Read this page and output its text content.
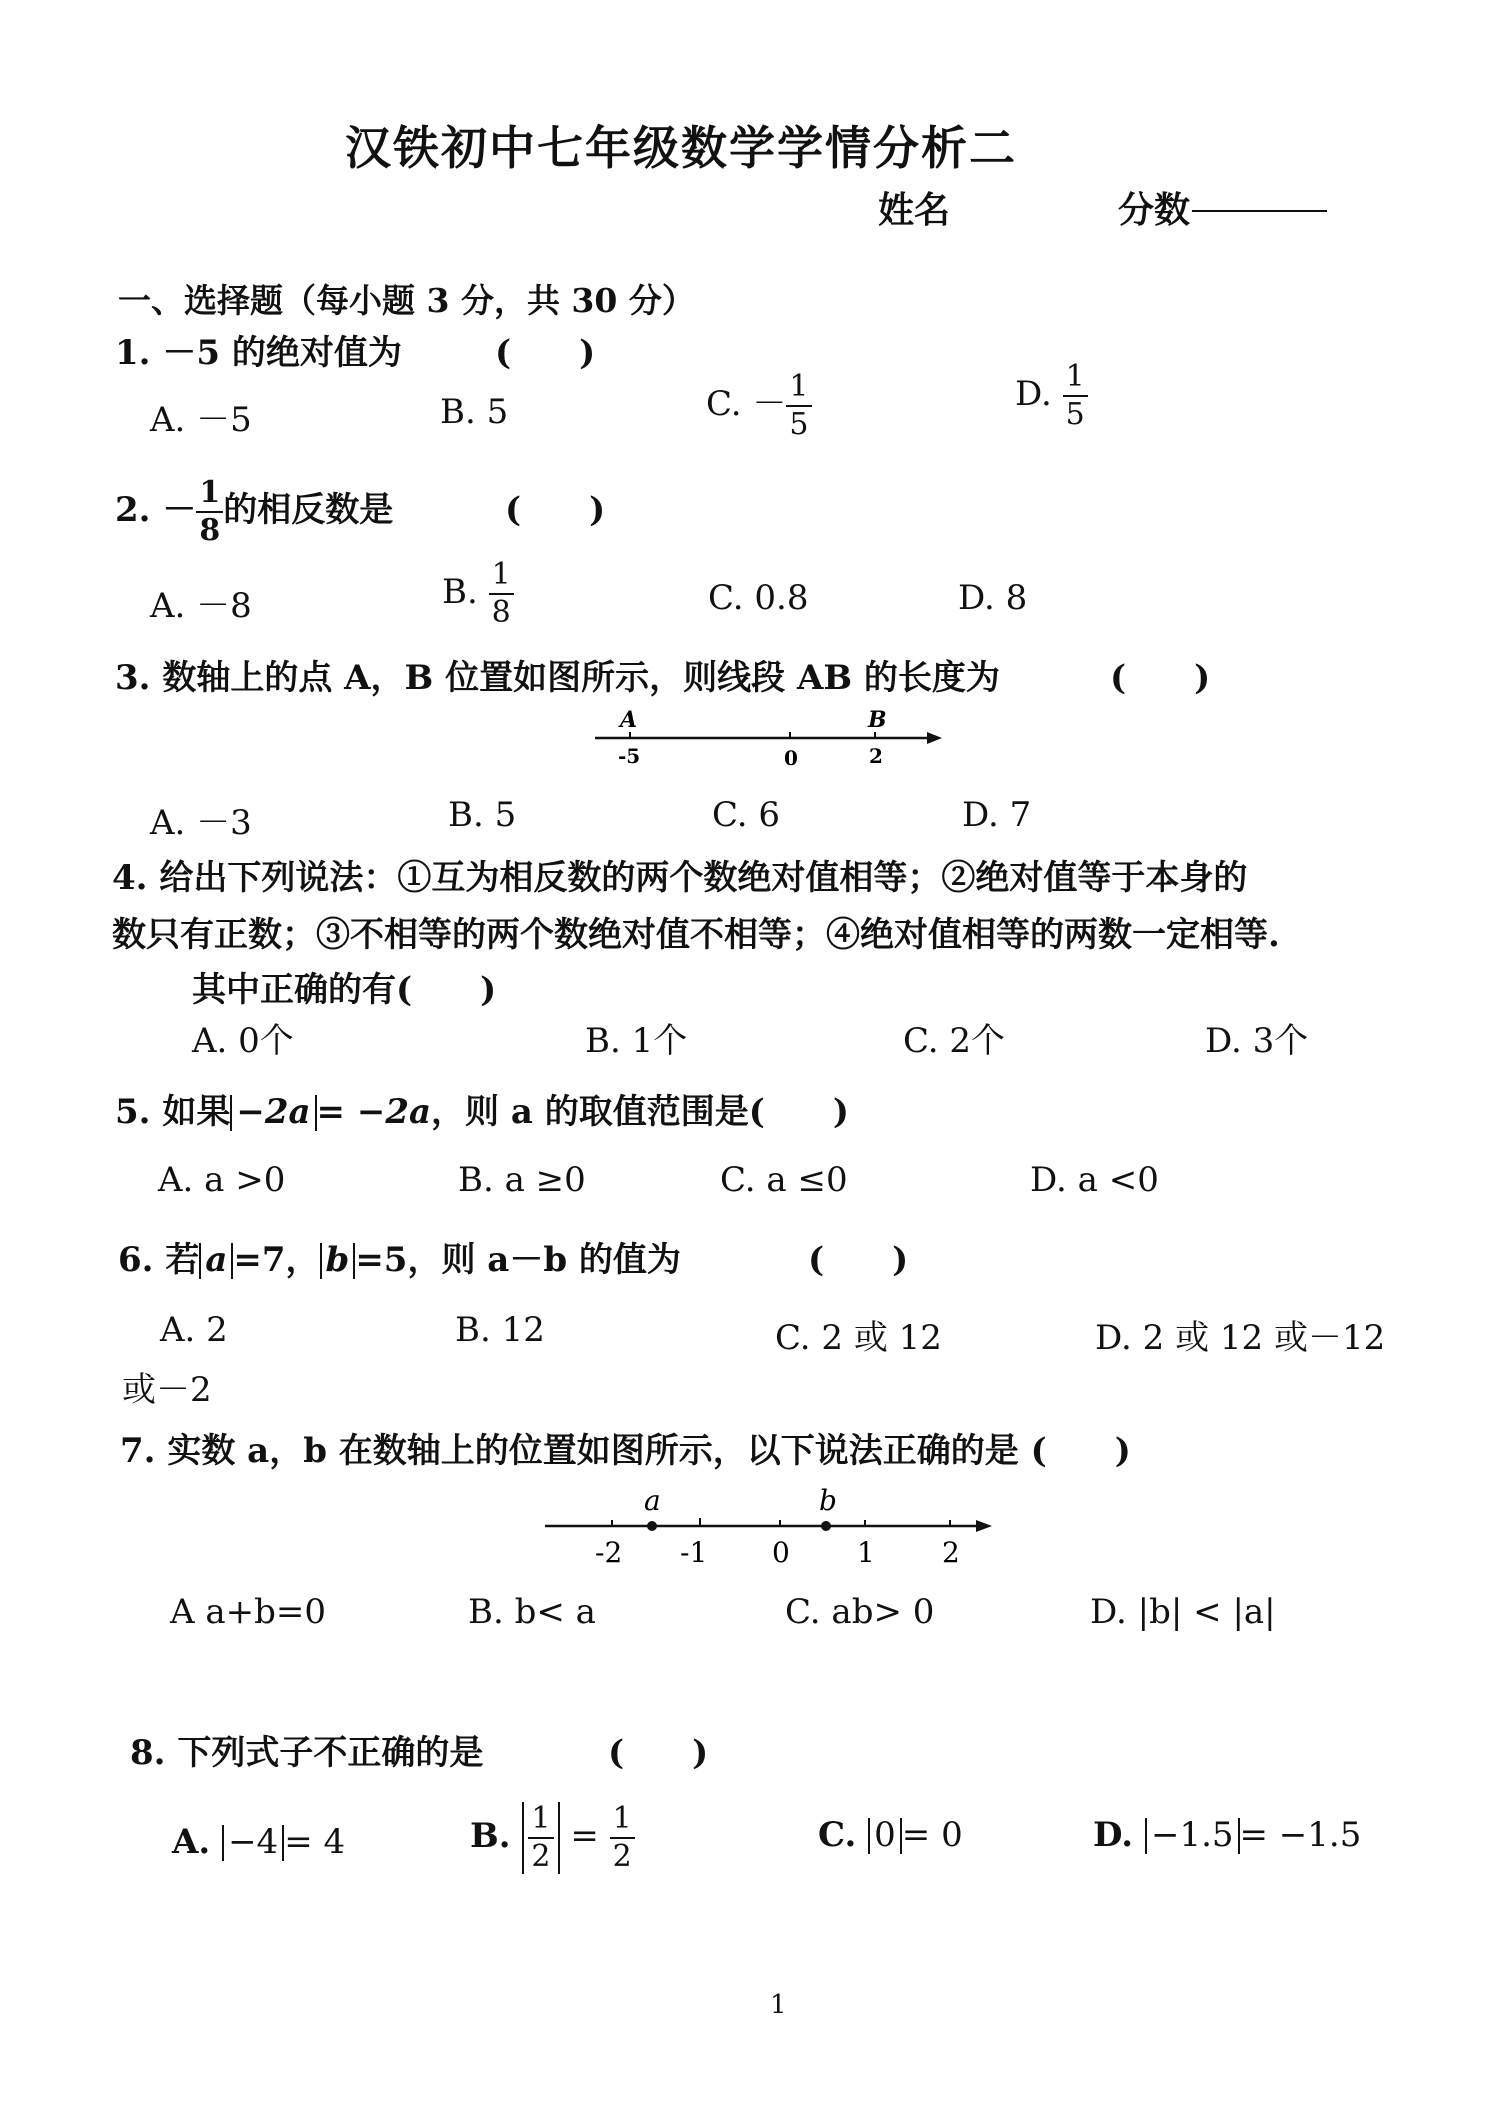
汉铁初中七年级数学学情分析二
姓名	分数
一、选择题（每小题 3 分，共 30 分）
1. －5 的绝对值为	(　　)
A. －5	B. 5	C. － $\frac{1}{5}$	D. $\frac{1}{5}$
2. － $\frac{1}{8}$ 的相反数是	(　　)
A. －8	B. $\frac{1}{8}$	C. 0.8	D. 8
3. 数轴上的点 A，B 位置如图所示，则线段 AB 的长度为	(　　)
A	B
-5	0	2
A. －3	B. 5	C. 6	D. 7
4. 给出下列说法：①互为相反数的两个数绝对值相等；②绝对值等于本身的
数只有正数；③不相等的两个数绝对值不相等；④绝对值相等的两数一定相等.
其中正确的有(　　)
A. 0个	B. 1个	C. 2个	D. 3个
5. 如果 −2a = −2a，则 a 的取值范围是(　　)
A. a >0	B. a ≥0	C. a ≤0	D. a <0
6. 若 a =7， b =5，则 a－b 的值为	(　　)
A. 2	B. 12	C. 2 或 12	D. 2 或 12 或－12
或－2
7. 实数 a，b 在数轴上的位置如图所示，以下说法正确的是 (　　)
a	b
-2 -1 0 1 2
A a+b=0	B. b< a	C. ab> 0	D. |b| < |a|
8. 下列式子不正确的是	(　　)
A. −4 = 4	B. $\frac{1}{2} = \frac{1}{2}$	C. 0 = 0	D. −1.5 = −1.5
1
